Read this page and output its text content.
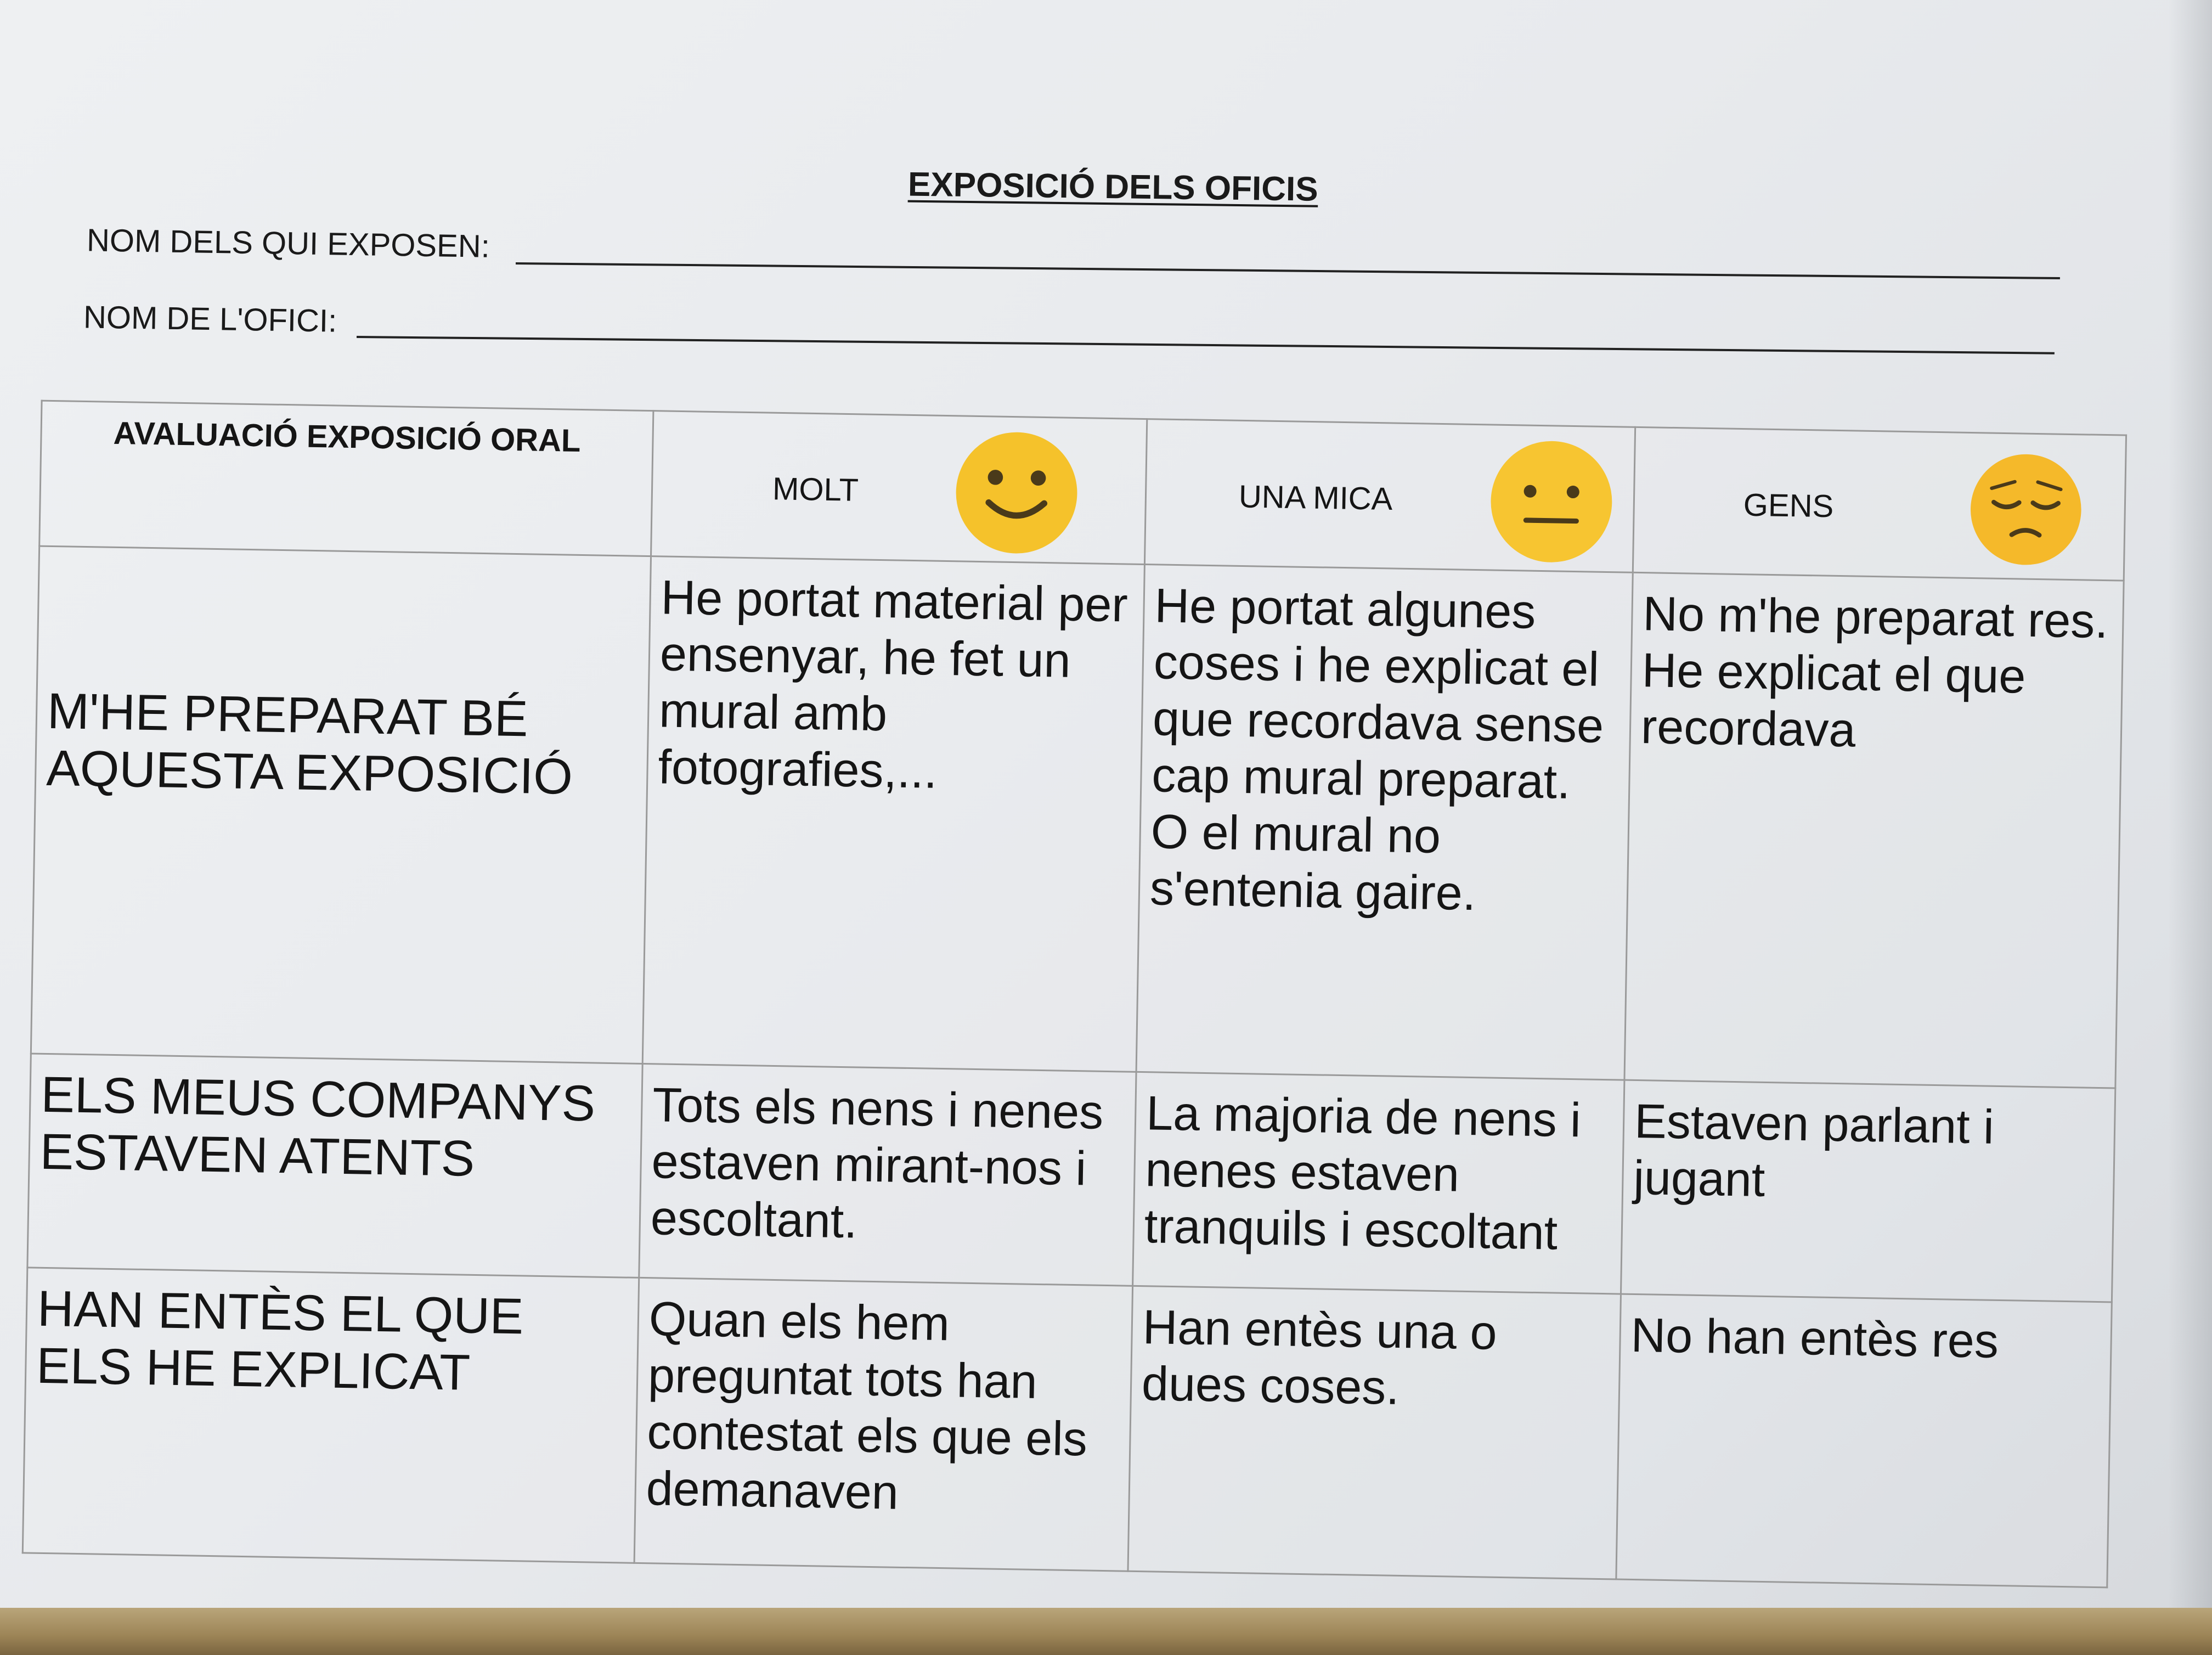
EXPOSICIÓ DELS OFICIS
NOM DELS QUI EXPOSEN:
NOM DE L'OFICI:
AVALUACIÓ EXPOSICIÓ ORAL	MOLT	UNA MICA	GENS

M'HE PREPARAT BÉ AQUESTA EXPOSICIÓ	He portat material per ensenyar, he fet un mural amb fotografies,...	He portat algunes coses i he explicat el que recordava sense cap mural preparat. O el mural no s'entenia gaire.	No m'he preparat res. He explicat el que recordava

ELS MEUS COMPANYS ESTAVEN ATENTS	Tots els nens i nenes estaven mirant-nos i escoltant.	La majoria de nens i nenes estaven tranquils i escoltant	Estaven parlant i jugant

HAN ENTÈS EL QUE ELS HE EXPLICAT	Quan els hem preguntat tots han contestat els que els demanaven	Han entès una o dues coses.	No han entès res
